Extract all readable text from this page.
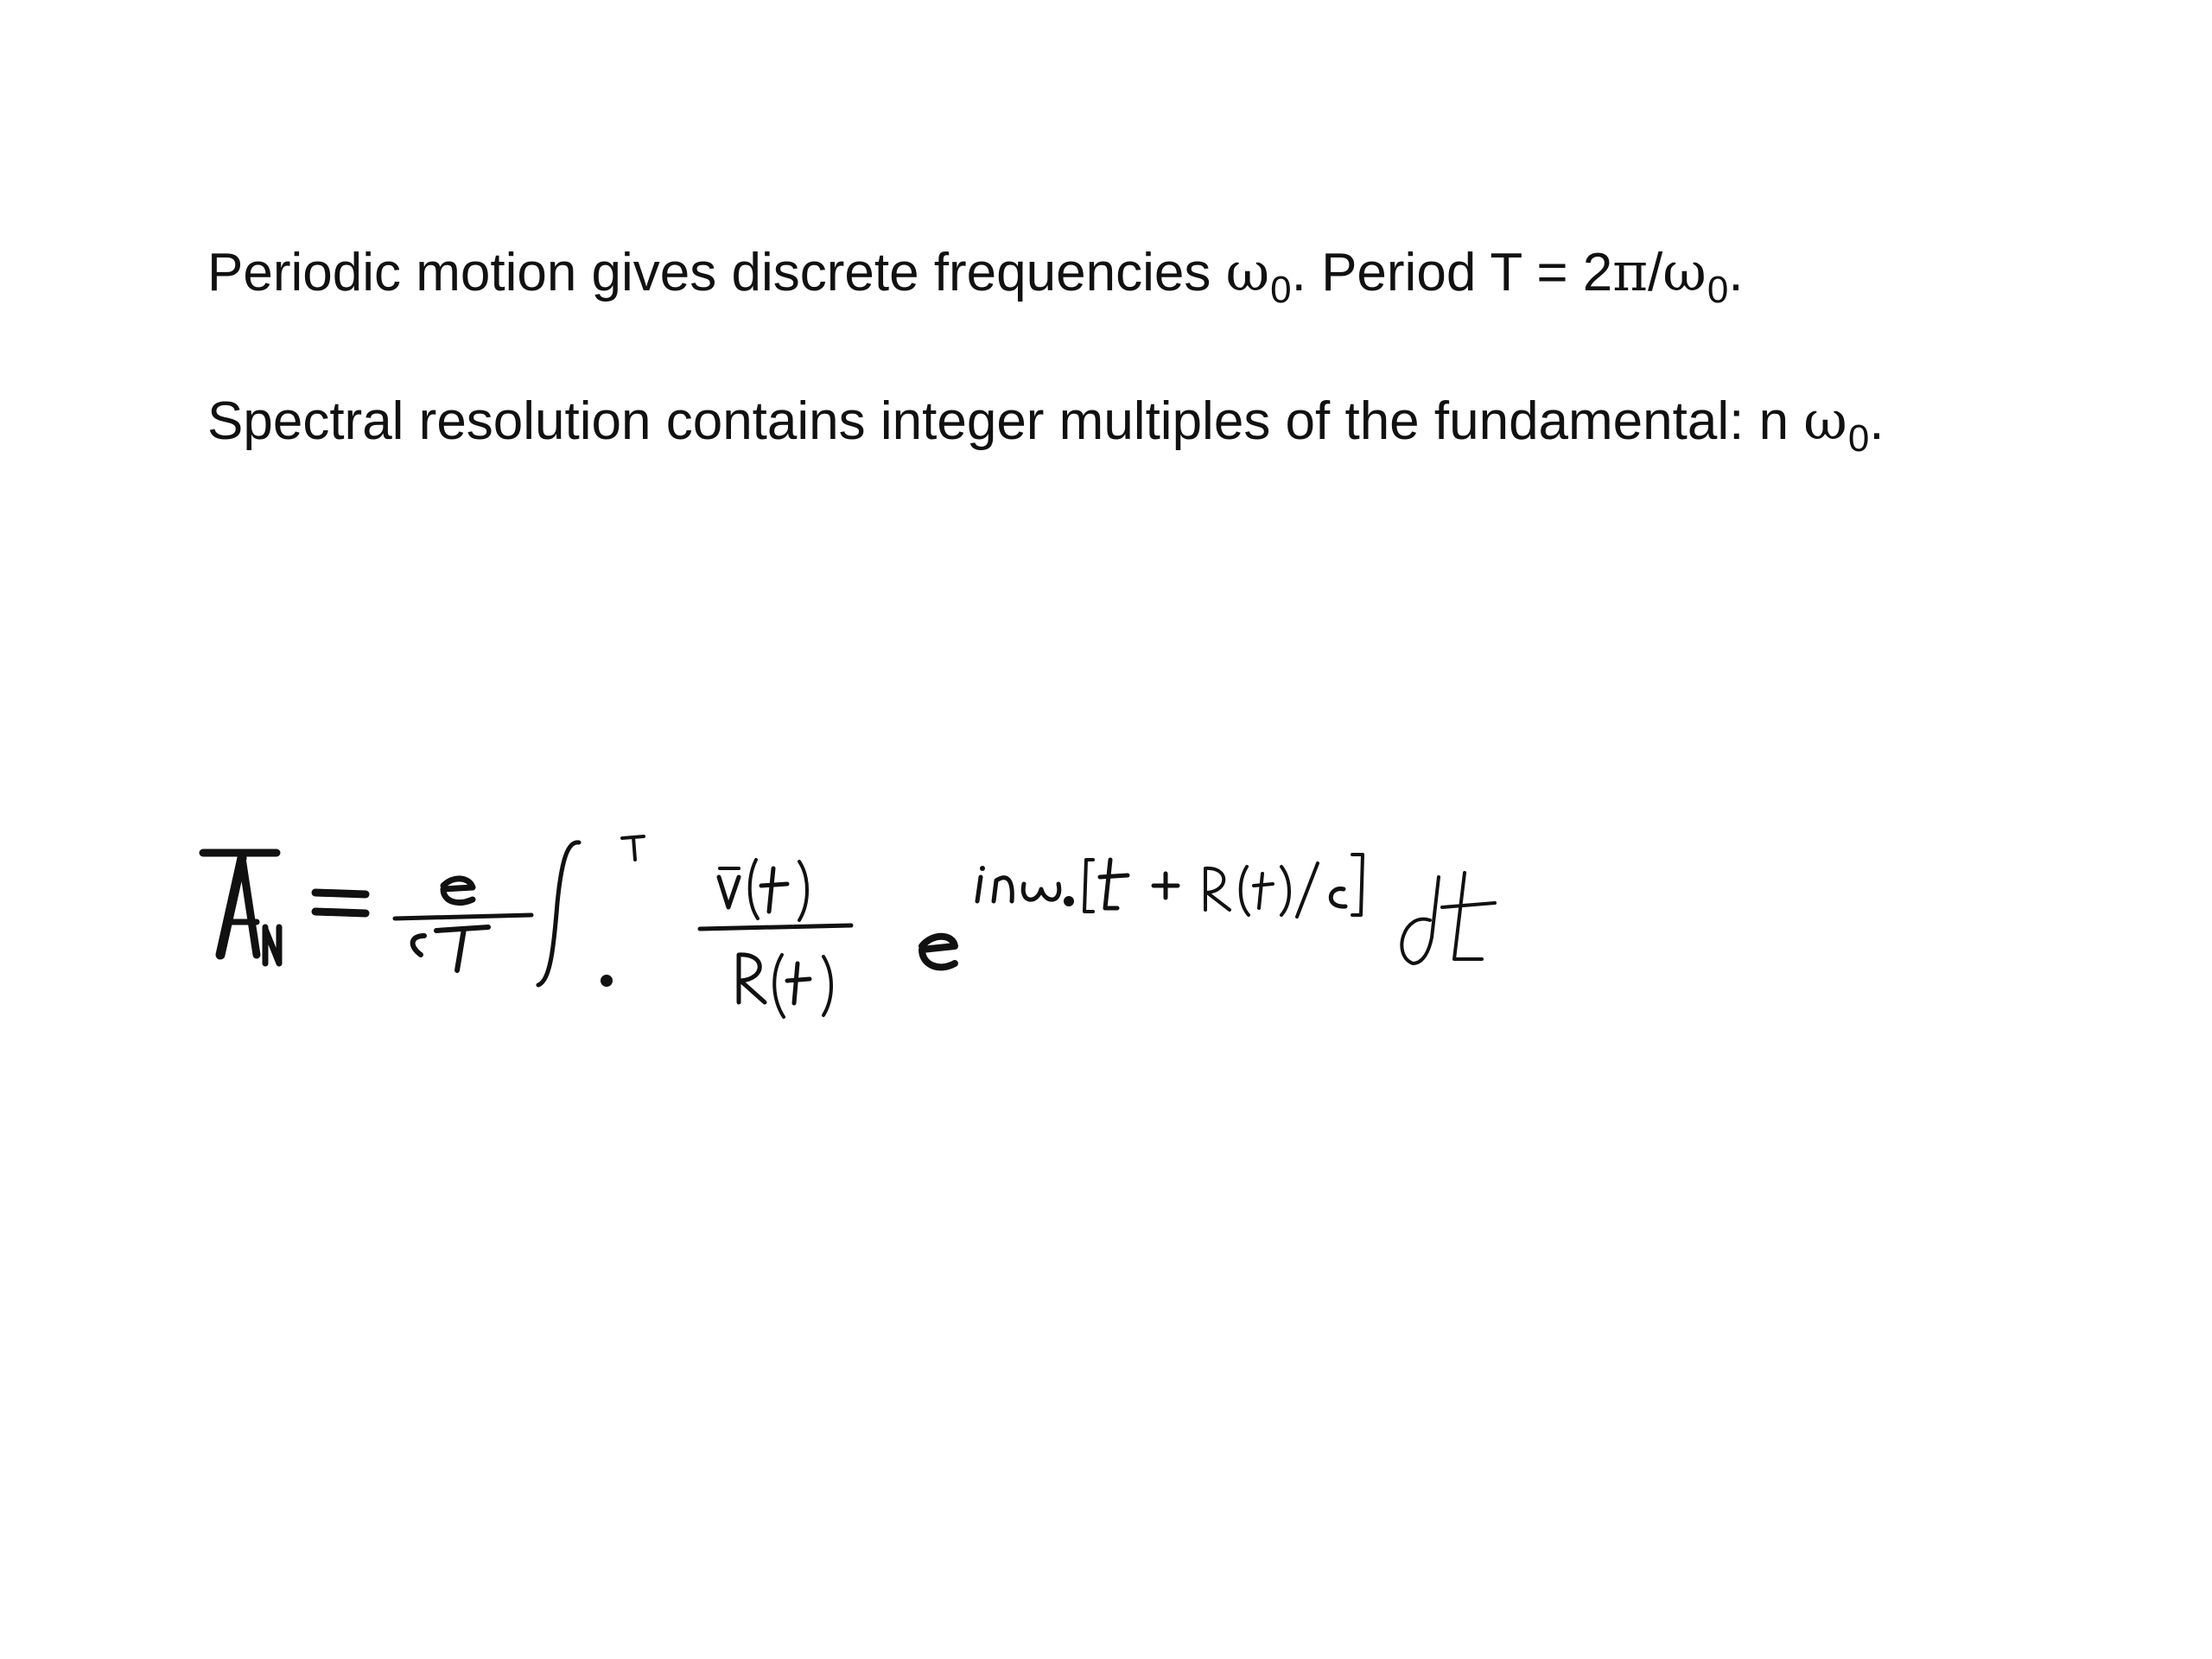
Periodic motion gives discrete frequencies $\omega_0$. Period $T = 2\pi/\omega_0$.
Spectral resolution contains integer multiples of the fundamental: n $\omega_0$.
